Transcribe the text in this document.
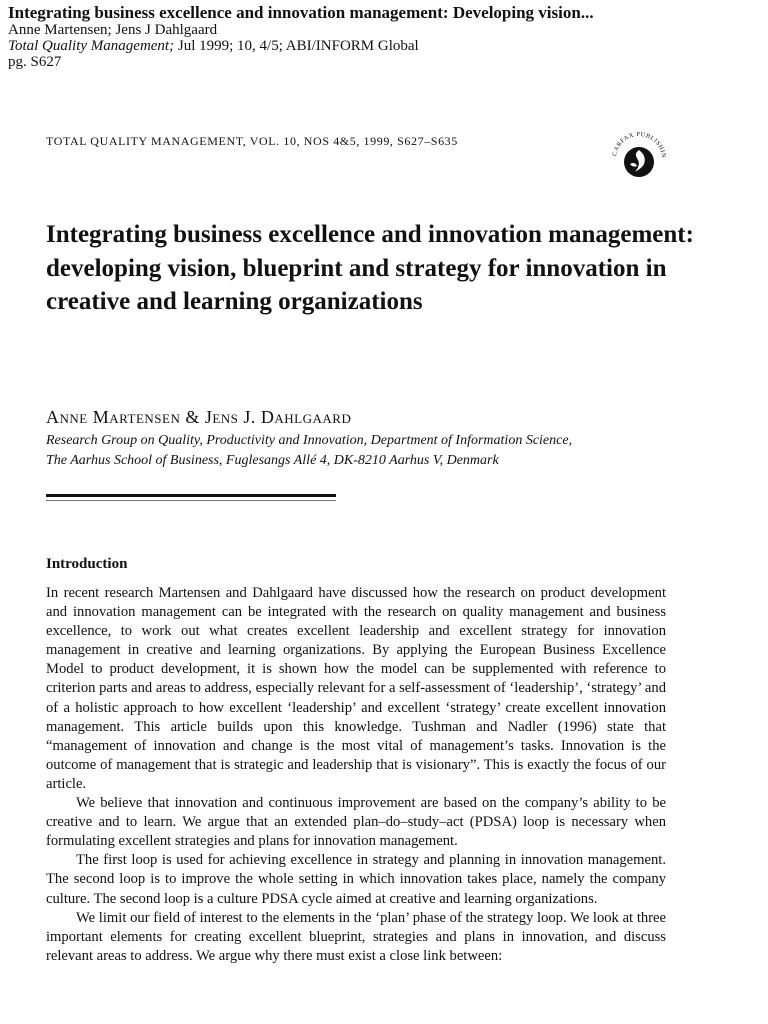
Integrating business excellence and innovation management: Developing vision...
Anne Martensen; Jens J Dahlgaard
Total Quality Management; Jul 1999; 10, 4/5; ABI/INFORM Global
pg. S627
TOTAL QUALITY MANAGEMENT, VOL. 10, NOS 4&5, 1999, S627–S635
CARFAX PUBLISHIN
Integrating business excellence and innovation management: developing vision, blueprint and strategy for innovation in creative and learning organizations
Anne Martensen & Jens J. Dahlgaard
Research Group on Quality, Productivity and Innovation, Department of Information Science,
The Aarhus School of Business, Fuglesangs Allé 4, DK-8210 Aarhus V, Denmark
Introduction

In recent research Martensen and Dahlgaard have discussed how the research on product development and innovation management can be integrated with the research on quality management and business excellence, to work out what creates excellent leadership and excellent strategy for innovation management in creative and learning organizations. By applying the European Business Excellence Model to product development, it is shown how the model can be supplemented with reference to criterion parts and areas to address, especially relevant for a self-assessment of ‘leadership’, ‘strategy’ and of a holistic approach to how excellent ‘leadership’ and excellent ‘strategy’ create excellent innovation management. This article builds upon this knowledge. Tushman and Nadler (1996) state that “management of innovation and change is the most vital of management’s tasks. Innovation is the outcome of management that is strategic and leadership that is visionary”. This is exactly the focus of our article.

We believe that innovation and continuous improvement are based on the company’s ability to be creative and to learn. We argue that an extended plan–do–study–act (PDSA) loop is necessary when formulating excellent strategies and plans for innovation management.

The first loop is used for achieving excellence in strategy and planning in innovation management. The second loop is to improve the whole setting in which innovation takes place, namely the company culture. The second loop is a culture PDSA cycle aimed at creative and learning organizations.

We limit our field of interest to the elements in the ‘plan’ phase of the strategy loop. We look at three important elements for creating excellent blueprint, strategies and plans in innovation, and discuss relevant areas to address. We argue why there must exist a close link between:
